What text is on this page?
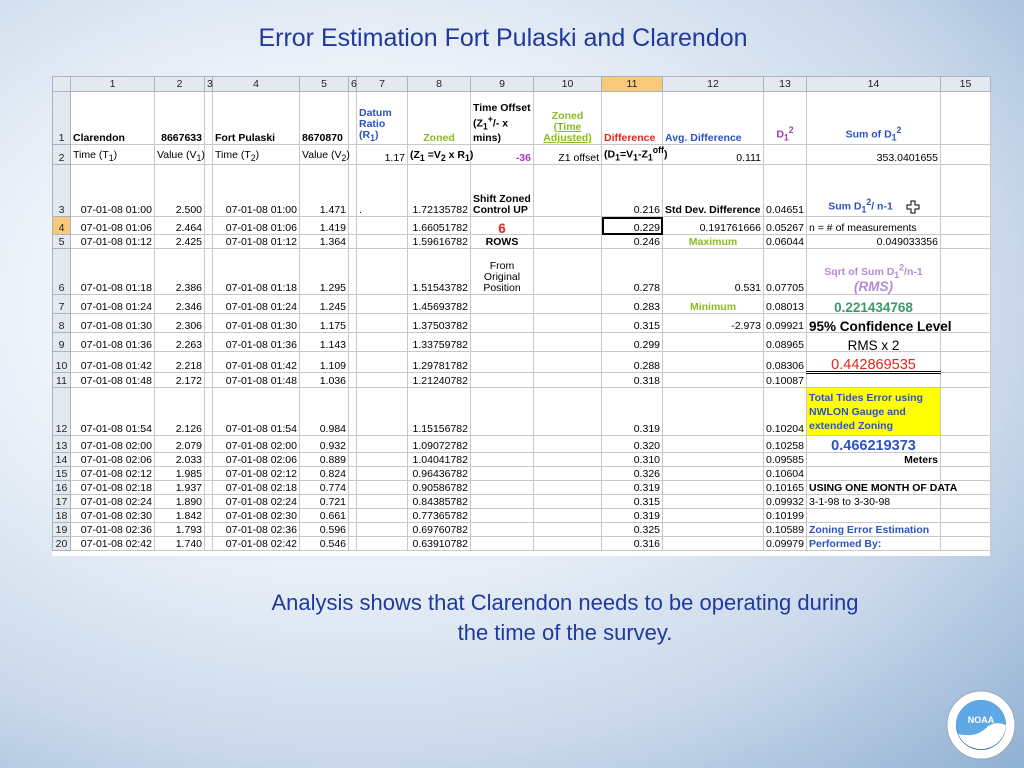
Error Estimation Fort Pulaski and Clarendon
	1	2	3	4	5	6	7	8	9	10	11	12	13	14	15
1	Clarendon	8667633		Fort Pulaski	8670870		Datum
Ratio $(R_1)$	Zoned	Time Offset
($Z_1^+/-$ x
mins)	Zoned
(Time
Adjusted)	Difference	Avg. Difference	$D_1^2$	Sum of $D_1^2$	
2	Time $(T_1)$	Value $(V_1)$		Time $(T_2)$	Value $(V_2)$		1.17	($Z_1 =V_2$ x $R_1$)	-36	Z1 offset	$(D_1=V_1-Z_1^{off})$	0.111		353.0401655	
3	07-01-08 01:00	2.500		07-01-08 01:00	1.471		.	1.72135782	Shift Zoned
Control UP		0.216	Std Dev. Difference	0.04651	Sum $D_1^2/$ n-1	
4	07-01-08 01:06	2.464		07-01-08 01:06	1.419			1.66051782	6		0.229	0.191761666	0.05267	n = # of measurements	
5	07-01-08 01:12	2.425		07-01-08 01:12	1.364			1.59616782	ROWS		0.246	Maximum	0.06044	0.049033356	
6	07-01-08 01:18	2.386		07-01-08 01:18	1.295			1.51543782	From
Original
Position		0.278	0.531	0.07705	Sqrt of Sum $D_1^2/n-1$
(RMS)	
7	07-01-08 01:24	2.346		07-01-08 01:24	1.245			1.45693782			0.283	Minimum	0.08013	0.221434768	
8	07-01-08 01:30	2.306		07-01-08 01:30	1.175			1.37503782			0.315	-2.973	0.09921	95% Confidence Level	
9	07-01-08 01:36	2.263		07-01-08 01:36	1.143			1.33759782			0.299		0.08965	RMS x 2	
10	07-01-08 01:42	2.218		07-01-08 01:42	1.109			1.29781782			0.288		0.08306	0.442869535	
11	07-01-08 01:48	2.172		07-01-08 01:48	1.036			1.21240782			0.318		0.10087		
12	07-01-08 01:54	2.126		07-01-08 01:54	0.984			1.15156782			0.319		0.10204	Total Tides Error using NWLON Gauge and extended Zoning	
13	07-01-08 02:00	2.079		07-01-08 02:00	0.932			1.09072782			0.320		0.10258	0.466219373	
14	07-01-08 02:06	2.033		07-01-08 02:06	0.889			1.04041782			0.310		0.09585	Meters	
15	07-01-08 02:12	1.985		07-01-08 02:12	0.824			0.96436782			0.326		0.10604		
16	07-01-08 02:18	1.937		07-01-08 02:18	0.774			0.90586782			0.319		0.10165	USING ONE MONTH OF DATA	
17	07-01-08 02:24	1.890		07-01-08 02:24	0.721			0.84385782			0.315		0.09932	3-1-98 to 3-30-98	
18	07-01-08 02:30	1.842		07-01-08 02:30	0.661			0.77365782			0.319		0.10199		
19	07-01-08 02:36	1.793		07-01-08 02:36	0.596			0.69760782			0.325		0.10589	Zoning Error Estimation	
20	07-01-08 02:42	1.740		07-01-08 02:42	0.546			0.63910782			0.316		0.09979	Performed By:	
Analysis shows that Clarendon needs to be operating during
the time of the survey.
NOAA
